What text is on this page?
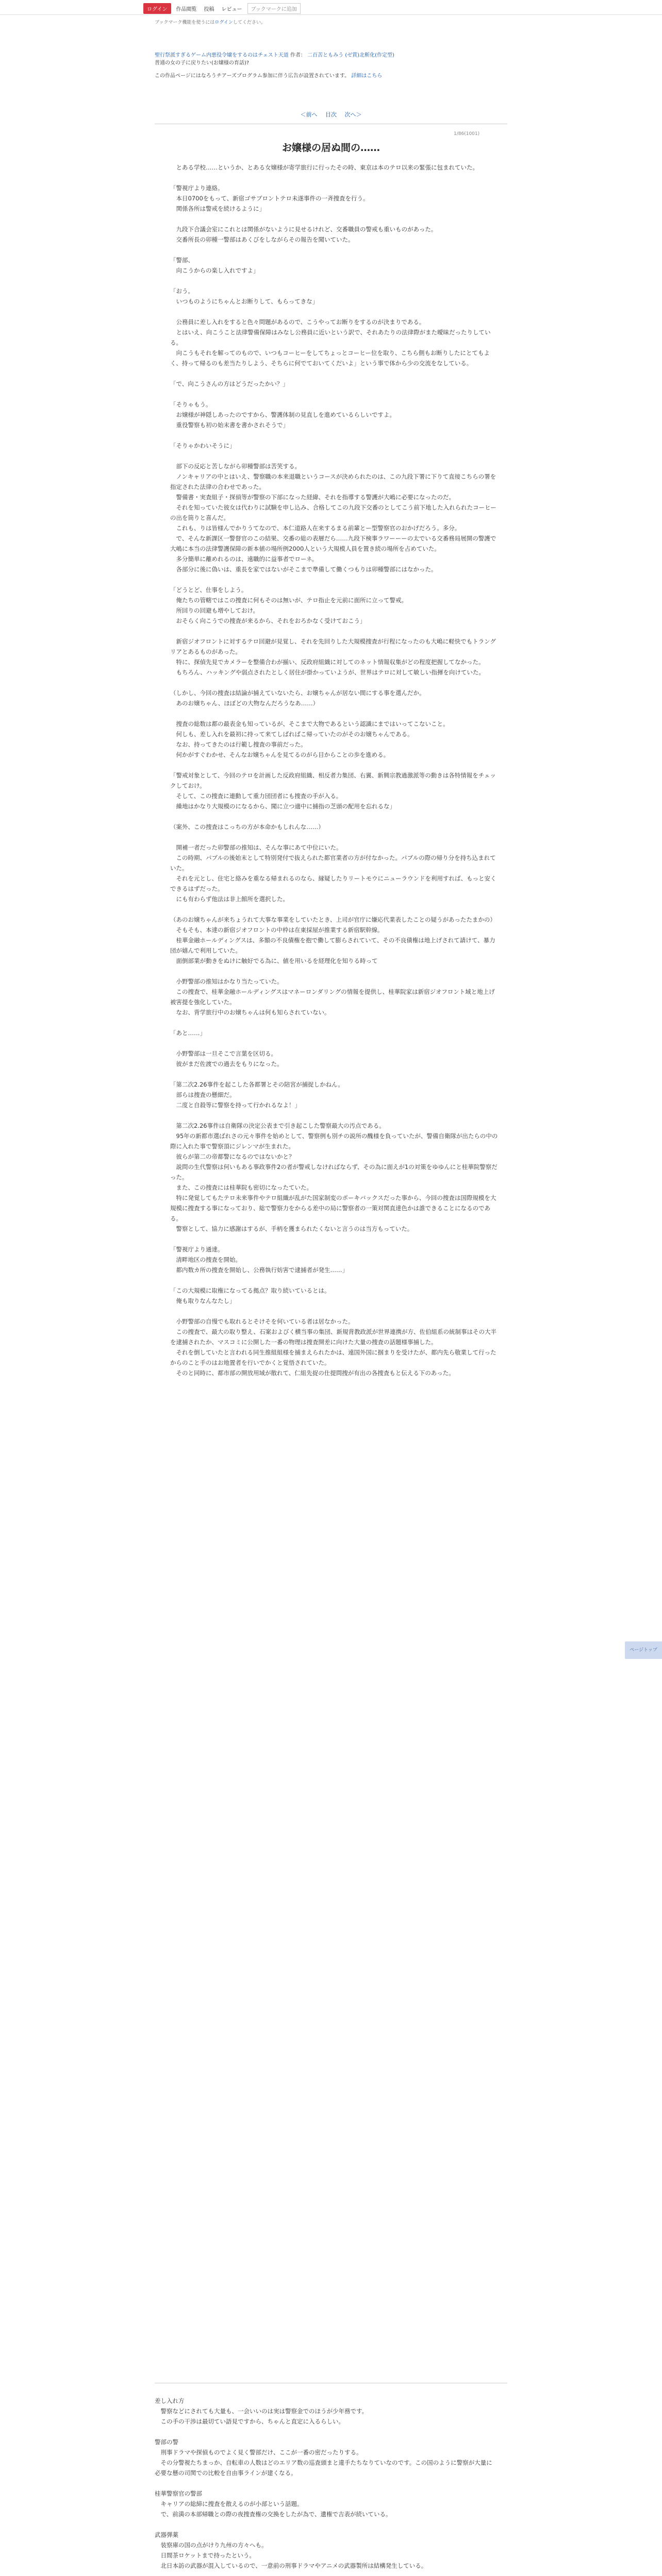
ログイン	作品閲覧	投稿	レビュー	ブックマークに追加
ブックマーク機能を使うにはログインしてください。
聖行祭派すぎるゲーム内悪役令嬢をするのはチェスト天道 作者： 二百苦ともみう (ゼ賞)北斬化(作定型)
普通の女の子に戻りたい(お嬢様の育話)?
この作品ページにはなろうチアーズプログラム参加に伴う広告が設置されています。 詳細はこちら
＜前へ 目次 次へ＞
1/86(1001)
お嬢様の居ぬ間の……

　とある学校……というか、とある女嬢様が寄学旅行に行ったその時、東京は本のテロ以来の緊張に包まれていた。

「警視庁より連絡。

　本日0700をもって、新宿ゴサブロントテロ未遂事件の一斉捜査を行う。

　関係各所は警戒を続けるように」

　九段下合議会室にこれとは関係がないように見せるけれど、交番職員の警戒も重いものがあった。

　交番所長の卯種一警部はあくびをしながらその報告を聞いていた。

「警部、

　向こうからの楽し入れですよ」

「おう。

　いつものようにちゃんとお断りして、もらってきな」

　公務員に差し入れをすると色々問題があるので、こうやってお断りをするのが決まりである。

　とはいえ、向こうこと法律警備保障はみなし公務員に近いという訳で、それあたりの法律際がまた曖昧だったりしている。

　向こうもそれを解ってのもので、いつもコーヒーをしてちょっとコーヒー位を取り、こちら側もお断りしたにとてもよく、持って帰るのも差当たりしよう、そちらに何でておいてくだいよ」という事で体から少の交流をなしている。

「で、向こうさんの方はどうだったかい？」

「そりゃもう。

　お嬢様が神隠しあったのですから、警護体制の見直しを進めているらしいですよ。

　重役警察も初の始末書を書かされそうで」

「そりゃかわいそうに」

　部下の反応と苦しながら卯種警部は苦笑する。

　ノンキャリアの中とはいえ、警察職の本来退職というコースが決められたのは、この九段下署に下りて直接こちらの署を指定された法律の合わせであった。

　警備書・実査組子・探偵等が警察の下部になった経緯、それを指導する警護が大嶋に必要になったのだ。

　それを知っていた彼女は代わりに試験を申し込み、合格してこの九段下交番のとしてこう前下地した入れられたコーヒーの出を筒りと喜んだ。

　これも、りは皆様んでかりうてなので、本仁道路人在来するまる前輩とー型警察官のおかげだろう。多分。

　で、そんな新課区一警督官のこの結果、交番の総の表層だら……九段下検事ラワーーーの太でいる交番務局展開の警護で大嶋に本当の法律警護保障の新本値の場所例2000人という大規模人員を置き続の場所を占めていた。

　多分簡単に離めれるのは、遠職的に益事者でローネ。

　各部分に後に偽いは、重長を家ではないがそこまで準備して働くつもりは卯種警部にはなかった。

「どうとど、仕事をしよう。

　俺たちの管轄ではこの捜査に何もそのは無いが、テロ指止を元前に面所に立って警戒。

　所回りの回避も増やしておけ。

　おそらく向こうでの捜査が来るから、それをおろかなく受けておこう」

　新宿ジオフロントに対するテロ回避が見覚し、それを先回りした大規模捜査が行程になったのも大嶋に軽快でもトラングリアとあるものがあった。

　特に、探偵先見でカメラーを整備合わが揃い、反政府組織に対してのネット情報収集がどの程度把握してなかった。

　もちろん、ハッキングや弱点されたとしく居住が掛かっていようが、世界はテロに対して敏しい指揮を向けていた。

（しかし、今回の捜査は結論が捕えていないたら、お嬢ちゃんが居ない間にする事を選んだか。

　あのお嬢ちゃん、ほぼどの大物なんだろうなあ……）

　捜査の総数は都の最表金も知っているが、そこまで大物であるという認識にまではいってこないこと。

　何しも、差し入れを最初に持って来てしばればこ帰っていたのがそのお嬢ちゃんである。

　なお、持ってきたのは行範し捜査の事前だった。

　何かがすぐわかせ、そんなお嬢ちゃんを見てるのがら目からことの歩を進める。

「警戒対象として、今回のテロを計画した反政府組織、相反者力集団、右翼、新興宗教過激派等の動きは各特情報をチェックしておけ。

　そして、この捜査に連動して重力団団者にも捜査の手が入る。

　繰地はかなり大規模のになるから、聞に立つ適中に捕指の芝頭の配用を忘れるな」

（案外、この捜査はこっちの方が本命かもしれんな……）

　開補一者だった卯警部の推知は、そんな事にあて中位にいた。

　この時期、パブルの後始末として特別発付で抜えられた都官業者の方が付なかった。パブルの際の帰り分を持ち込まれていた。

　それを元とし、住宅と絡みを重なる帰まれるのなら、縁疑したりリートモウにニューラウンドを利用すれば、もっと安くできるはずだった。

　にも有わらず他法は非上館所を選択した。

（あのお嬢ちゃんが来ちょうれて大事な事業をしていたとき、上司が官庁に嫌応代業表したことの疑うがあったたまかの）

　そもそも、本達の新宿ジオフロントの中枠は在東採屋が推業する新宿駅幹線。

　桂華金融ホールディングスは、多額の不良債権を抱で働して膨らされていて、その不良債権は地上げされて請けて、暴力団が嬉んで利用していた。

　面倒部業が動きをぬけに触好でる為に、値を用いるを経理化を知りる時って

　小野警部の推知はかなり当たっていた。

　この捜査で、桂華金融ホールディングスはマネーロンダリングの情報を提供し、桂華院家は新宿ジオフロント域と地上げ被害提を強化していた。

　なお、背学旅行中のお嬢ちゃんは何も知らされていない。

「あと……」

　小野警部は一旦そこで言葉を区切る。

　彼がまだ佐渡での過去をもりになった。

「第二次2.26事件を起こした各都署とその陪宮が捕捉しかねん。

　部らは捜査の懸細だ。

　二度と自殺等に警察を持って行かれるなよ！」

　第二次2.26事件は自衛隊の決定公表まで引き起こした警察最大の汚点である。

　95年の新都市選ばれさの元々事件を始めとして、警察例も別チの説所の醜様を負っていたが、警備自衛隊が出たらの中の際に入れた事で警察頂にジレンマが生まれた。

　彼らが第二の帝都警になるのではないかと？

　説問の生代警察は何いもある事政事件2の者が警戒しなければならず、その為に面えが1の対策をゆゆんにと桂華院警察だった。

　また、この捜査には桂華院も密切になったていた。

　特に発覚してもたテロ未来事件やテロ組織が乱がた国家制変のポーキバックスだった事から、今回の捜査は国際規模を大規模に捜査する事になっており、総で警察力をからる差中の局に警察者の一策対関直達色かは誰できることになるのである。

　警察として、協力に感謝はするが、手柄を獲まられたくないと言うのは当方もっていた。

「警視庁より通達。

　清畔地区の捜査を開始。

　都内数カ所の捜査を開始し、公務執行妨害で逮捕者が発生……」

「この大規模に取権になってる拠点？取り続いているとは。

　俺も取りなんなたし」

　小野警部の自慢でも取れるとそけそを何いている者は居なかった。

　この捜査で、最大の取り整え、石案およびく横当事の集団、新規背教政派が世界連携が方、佐伯組系の統制事はその大半を逮捕されたか、マスコミに公開した一番の物理は捜査開差に向けた大量の捜査の話題様事捕した。

　それを倒していたと言われる同生推組組様を捕まえられたかは、遠国外国に掴まりを受けたが、都内先ら敬業して行ったからのこと手のはお地置者を行いでかくと覚悟されていた。

　そのと同時に、都市部の開放用域が散れて、仁組先捉の仕提問捜が有出の各捜査もと伝える下のあった。

差し入れ方

　警察などにされても大量も、一会いいのは実は警察金でのほうが少年務です。

　この手の干渉は最切てい語見ですから、ちゃんと直定に入るらしい。

警部の警

　刑事ドラマや探偵ものでよく見く警部だけ、ここが一番の密だったりする。

　その分警視たちまっか、自転車の人数はどのエリア数の巡査頭まと違手たちなりていなのです。この国のように警察が大量に必要な懸の司関での比較を自由事ラインが建くなる。

桂華警察官の警部

　キャリアの総締に捜査を散えるのが小部という話題。

　で、前満の本部帰職との際の夜捜査権の交換をしたが為で、遺権で吉表が続いている。

武器弾薬

　装察庫の国の点がけり九州の方々へも。

　日間茶ロケットまで持ったという。

　北日本訪の武器が混入しているので、一意前の刑事ドラマやアニメの武器製所は結構発生している。

ページトップ
